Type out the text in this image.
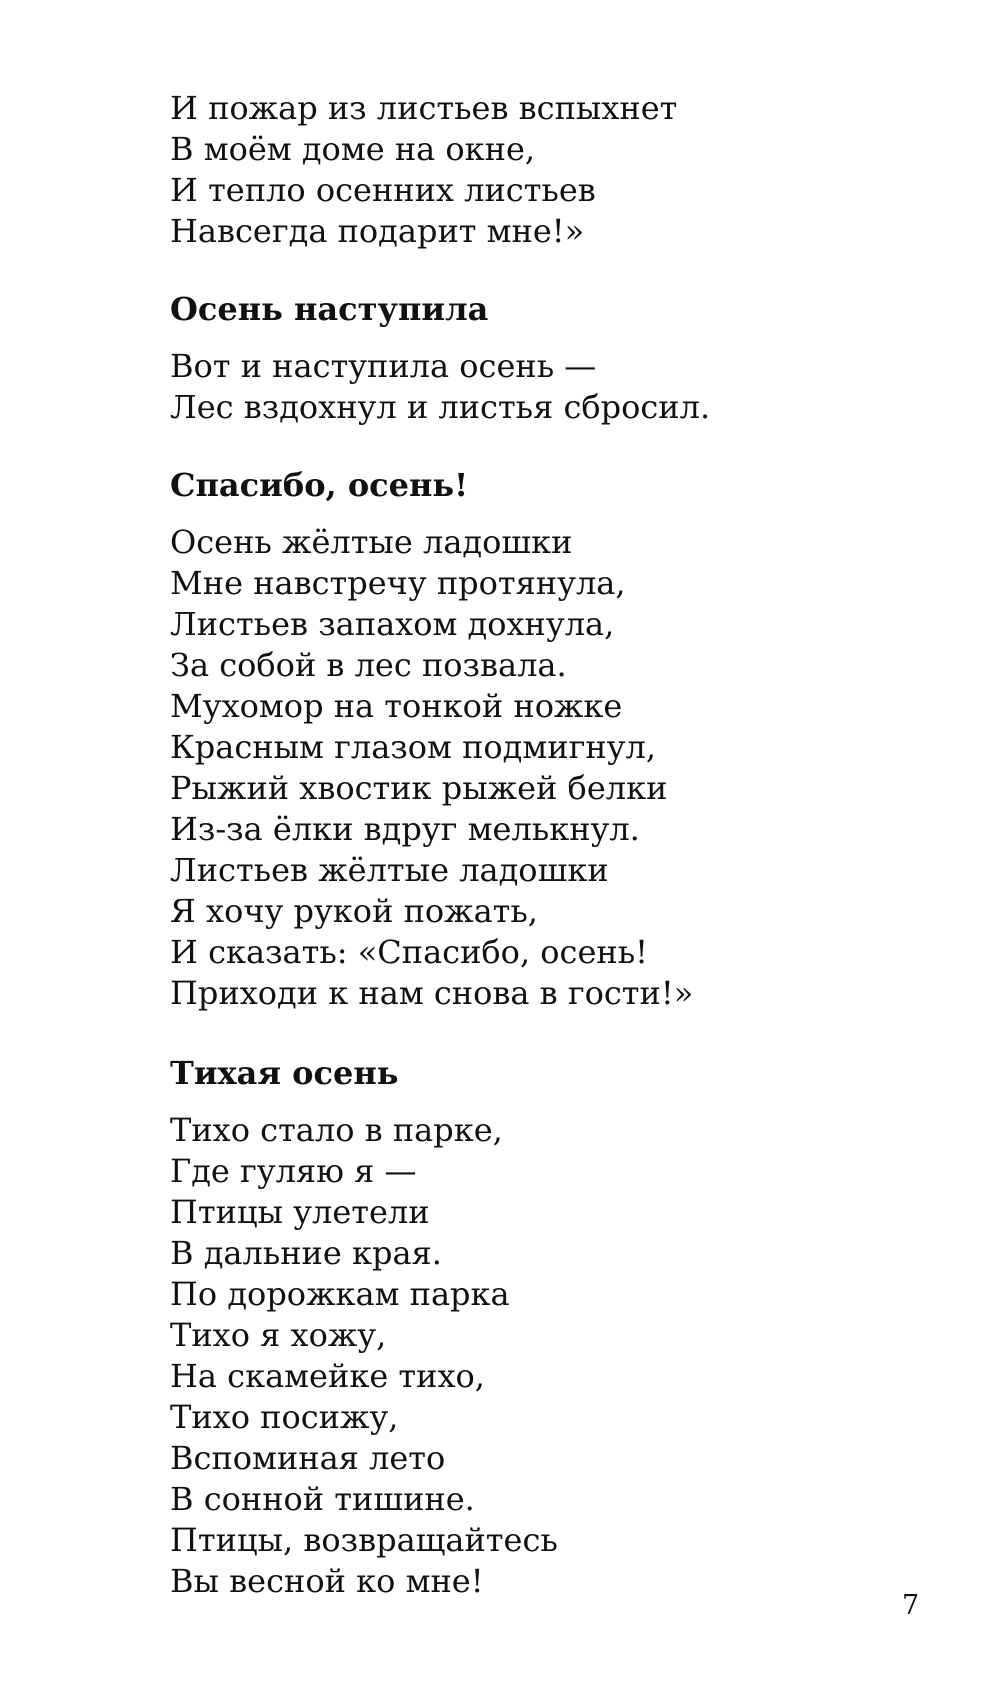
И пожар из листьев вспыхнет
В моём доме на окне,
И тепло осенних листьев
Навсегда подарит мне!»
Осень наступила
Вот и наступила осень —
Лес вздохнул и листья сбросил.
Спасибо, осень!
Осень жёлтые ладошки
Мне навстречу протянула,
Листьев запахом дохнула,
За собой в лес позвала.
Мухомор на тонкой ножке
Красным глазом подмигнул,
Рыжий хвостик рыжей белки
Из-за ёлки вдруг мелькнул.
Листьев жёлтые ладошки
Я хочу рукой пожать,
И сказать: «Спасибо, осень!
Приходи к нам снова в гости!»
Тихая осень
Тихо стало в парке,
Где гуляю я —
Птицы улетели
В дальние края.
По дорожкам парка
Тихо я хожу,
На скамейке тихо,
Тихо посижу,
Вспоминая лето
В сонной тишине.
Птицы, возвращайтесь
Вы весной ко мне!
7
